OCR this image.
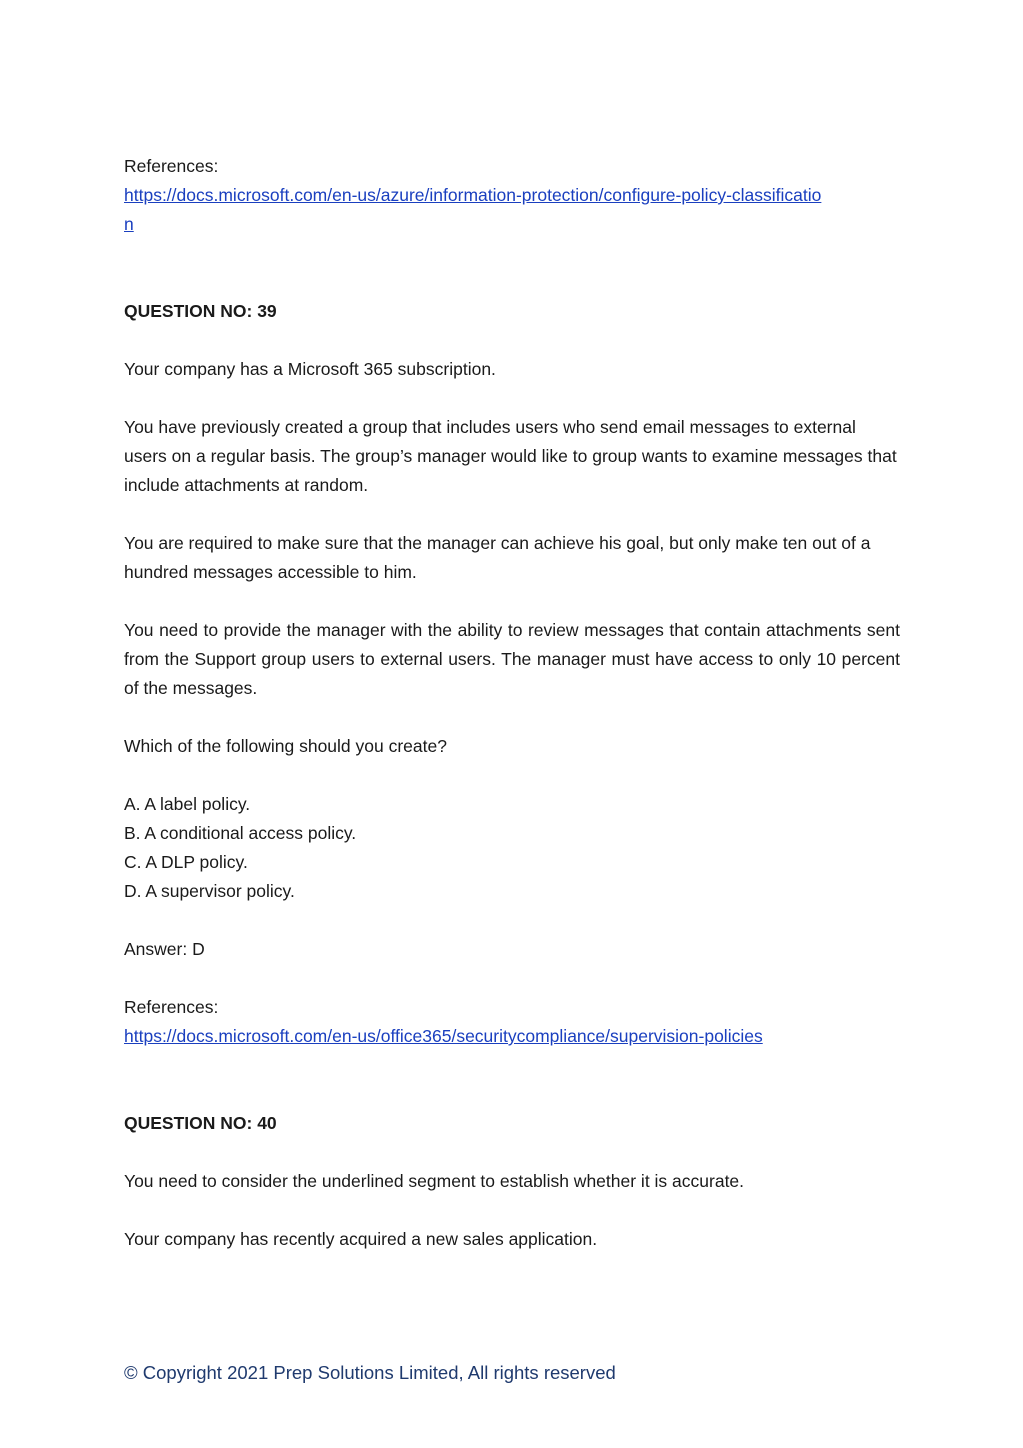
References:

https://docs.microsoft.com/en-us/azure/information-protection/configure-policy-classification

QUESTION NO: 39

Your company has a Microsoft 365 subscription.

You have previously created a group that includes users who send email messages to external users on a regular basis. The group’s manager would like to group wants to examine messages that include attachments at random.

You are required to make sure that the manager can achieve his goal, but only make ten out of a hundred messages accessible to him.

You need to provide the manager with the ability to review messages that contain attachments sent from the Support group users to external users. The manager must have access to only 10 percent of the messages.

Which of the following should you create?

A. A label policy.

B. A conditional access policy.

C. A DLP policy.

D. A supervisor policy.

Answer: D

References:

https://docs.microsoft.com/en-us/office365/securitycompliance/supervision-policies

QUESTION NO: 40

You need to consider the underlined segment to establish whether it is accurate.

Your company has recently acquired a new sales application.

© Copyright 2021 Prep Solutions Limited, All rights reserved
